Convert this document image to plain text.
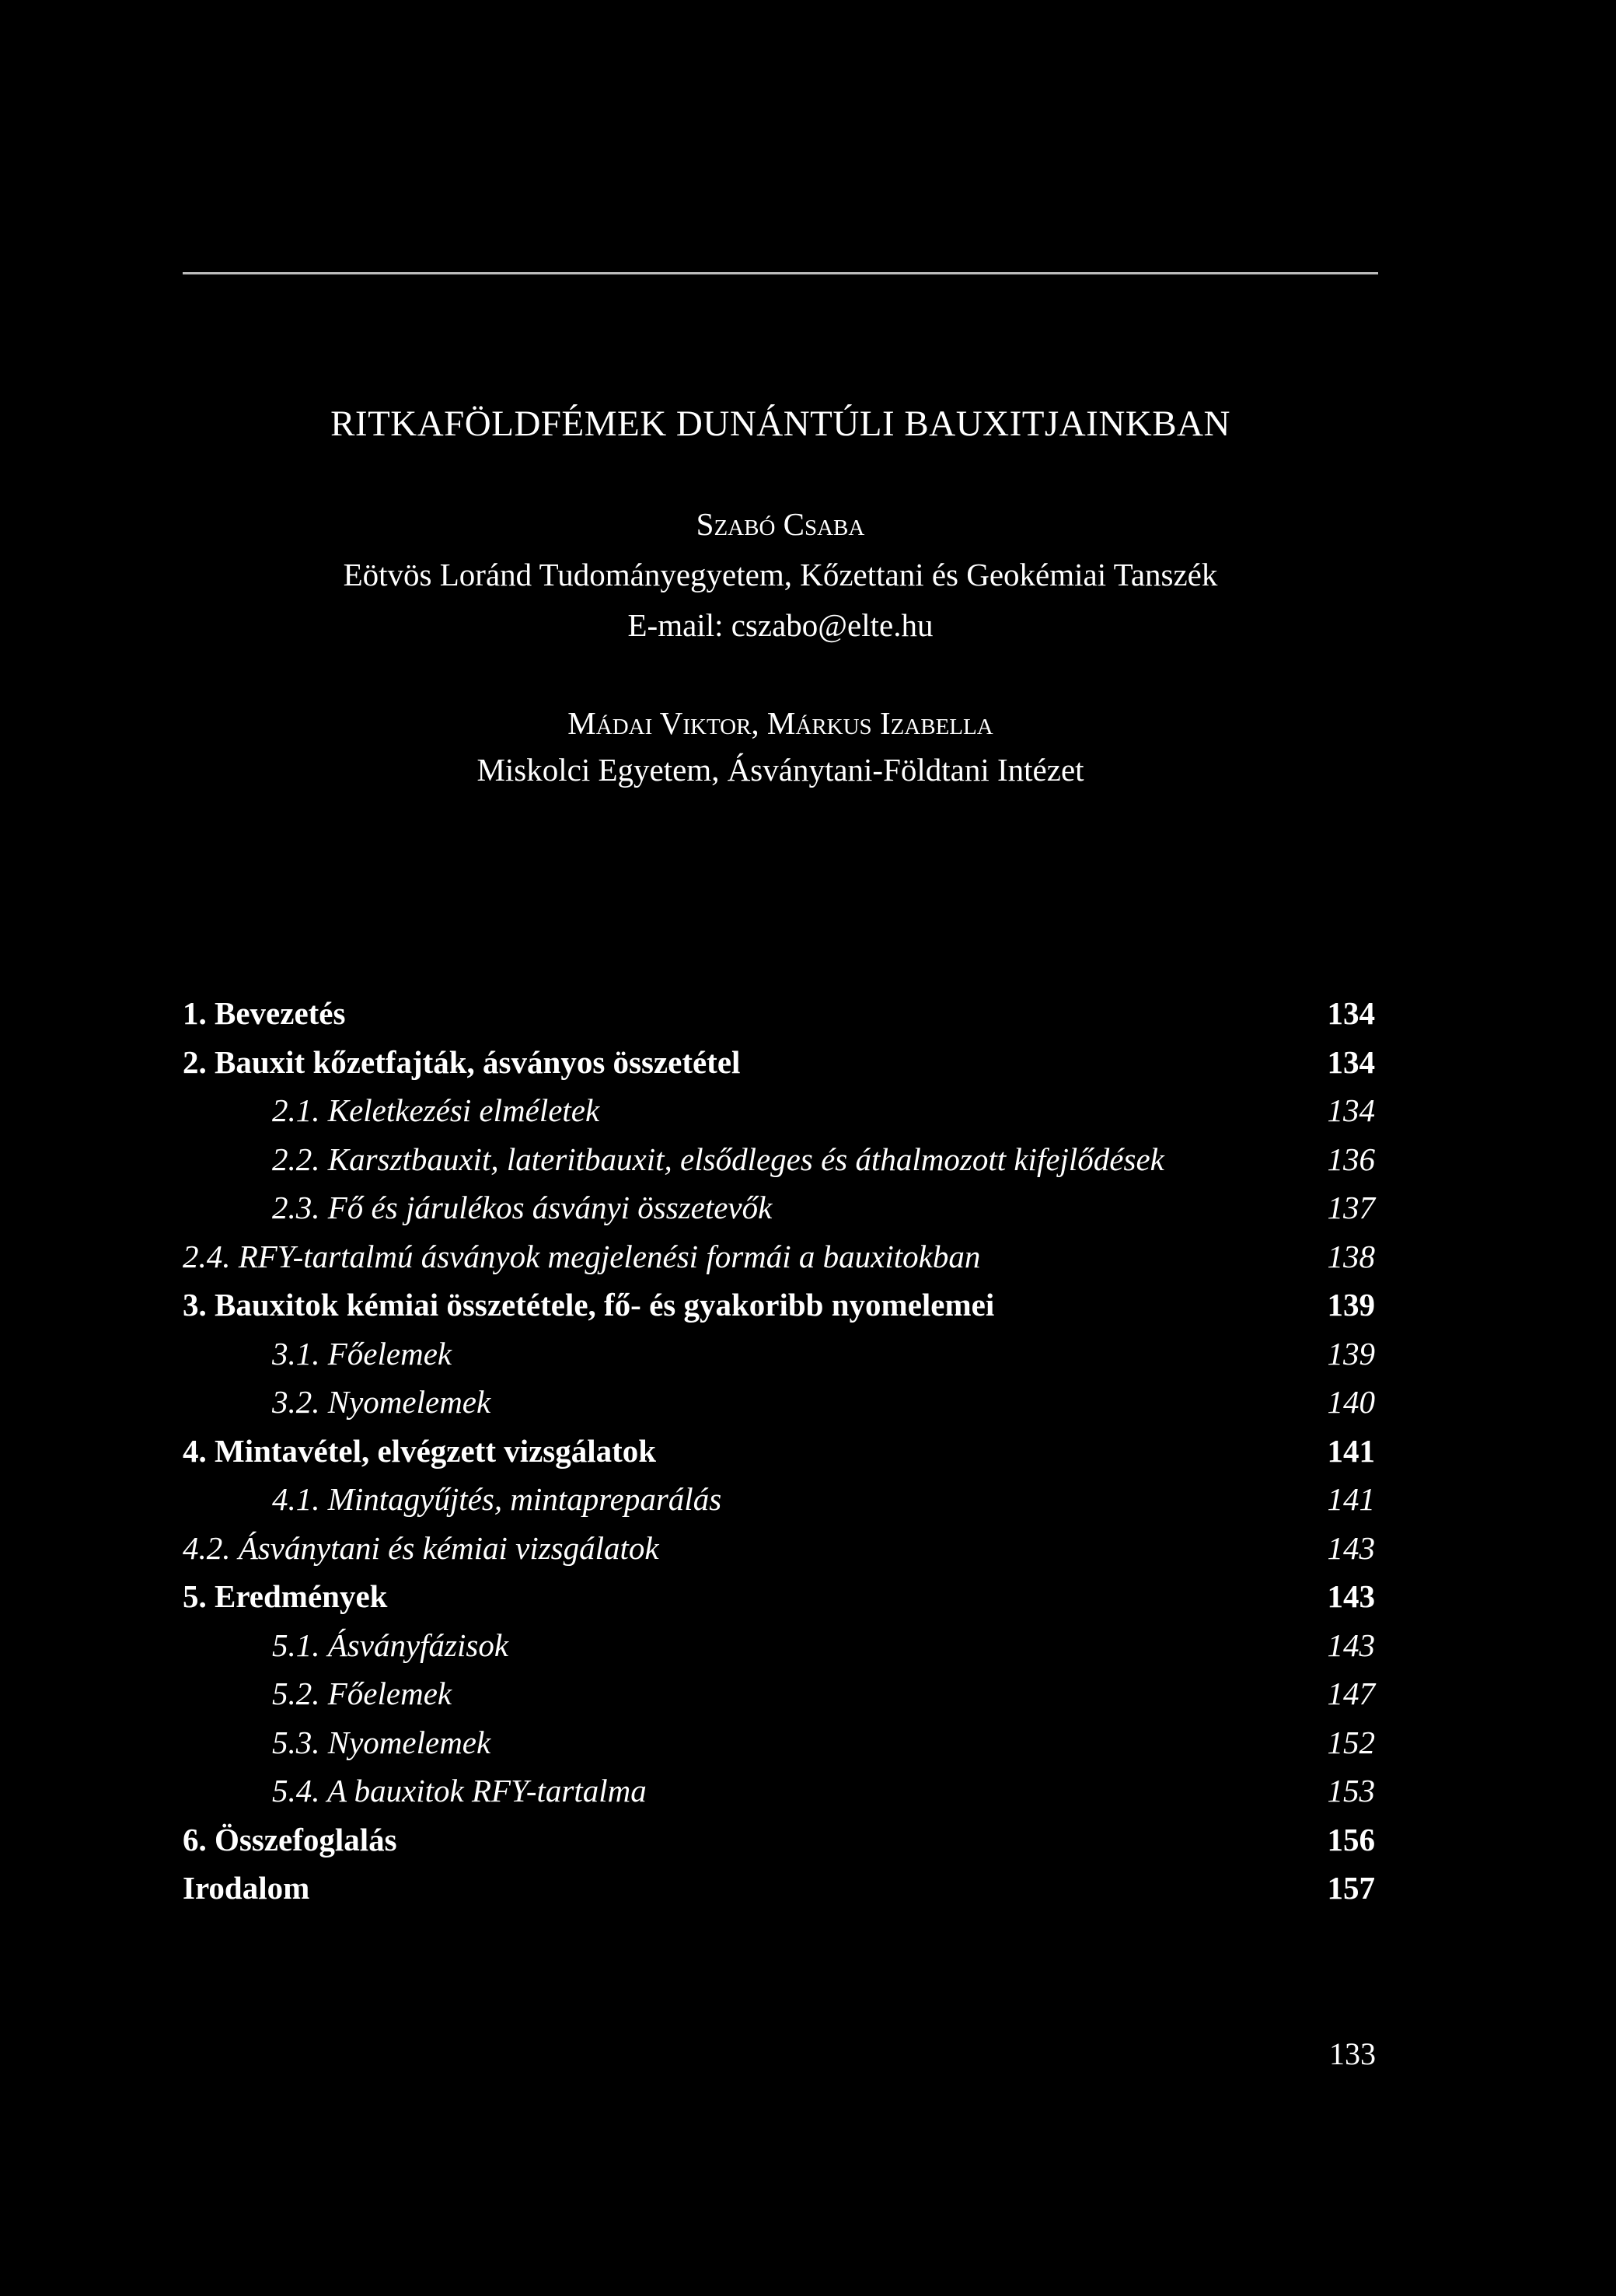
RITKAFÖLDFÉMEK DUNÁNTÚLI BAUXITJAINKBAN
Szabó Csaba
Eötvös Loránd Tudományegyetem, Kőzettani és Geokémiai Tanszék
E-mail: cszabo@elte.hu
Mádai Viktor, Márkus Izabella
Miskolci Egyetem, Ásványtani-Földtani Intézet
1. Bevezetés	134
2. Bauxit kőzetfajták, ásványos összetétel	134
2.1. Keletkezési elméletek	134
2.2. Karsztbauxit, lateritbauxit, elsődleges és áthalmozott kifejlődések	136
2.3. Fő és járulékos ásványi összetevők	137
2.4. RFY-tartalmú ásványok megjelenési formái a bauxitokban	138
3. Bauxitok kémiai összetétele, fő- és gyakoribb nyomelemei	139
3.1. Főelemek	139
3.2. Nyomelemek	140
4. Mintavétel, elvégzett vizsgálatok	141
4.1. Mintagyűjtés, mintapreparálás	141
4.2. Ásványtani és kémiai vizsgálatok	143
5. Eredmények	143
5.1. Ásványfázisok	143
5.2. Főelemek	147
5.3. Nyomelemek	152
5.4. A bauxitok RFY-tartalma	153
6. Összefoglalás	156
Irodalom	157
133
